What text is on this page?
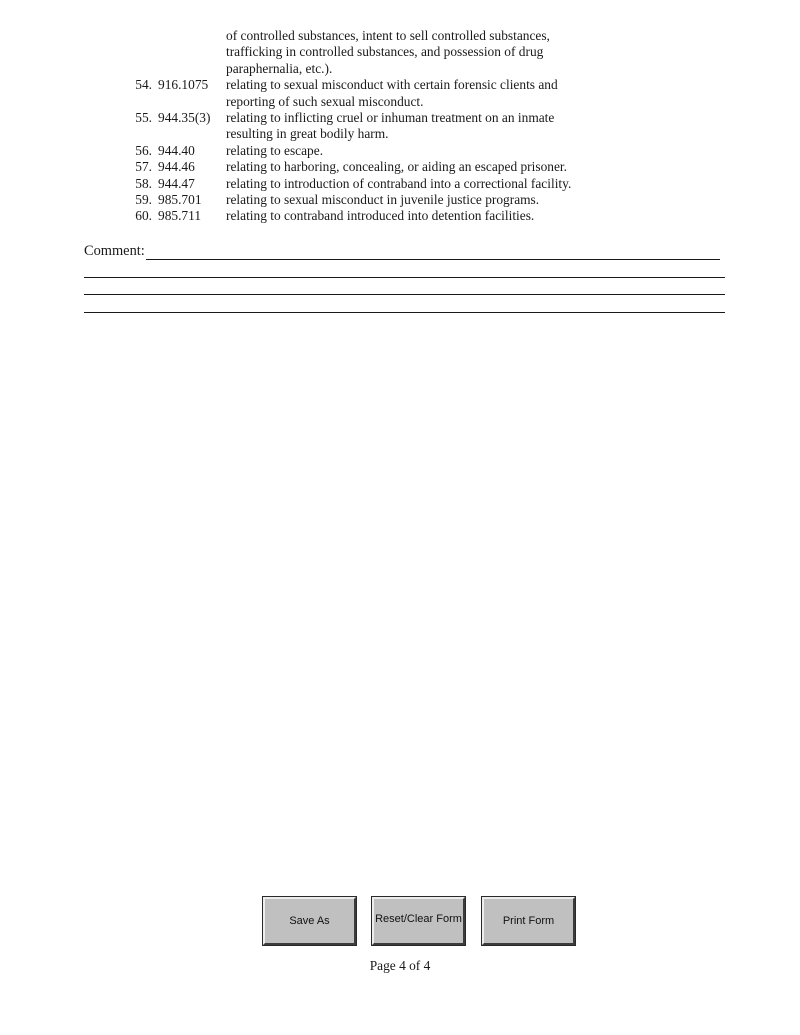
of controlled substances, intent to sell controlled substances,
trafficking in controlled substances, and possession of drug
paraphernalia, etc.).
54. 916.1075 relating to sexual misconduct with certain forensic clients and
reporting of such sexual misconduct.
55. 944.35(3) relating to inflicting cruel or inhuman treatment on an inmate
resulting in great bodily harm.
56. 944.40 relating to escape.
57. 944.46 relating to harboring, concealing, or aiding an escaped prisoner.
58. 944.47 relating to introduction of contraband into a correctional facility.
59. 985.701 relating to sexual misconduct in juvenile justice programs.
60. 985.711 relating to contraband introduced into detention facilities.
Comment:
Save As	Reset/Clear Form	Print Form
Page 4 of 4
